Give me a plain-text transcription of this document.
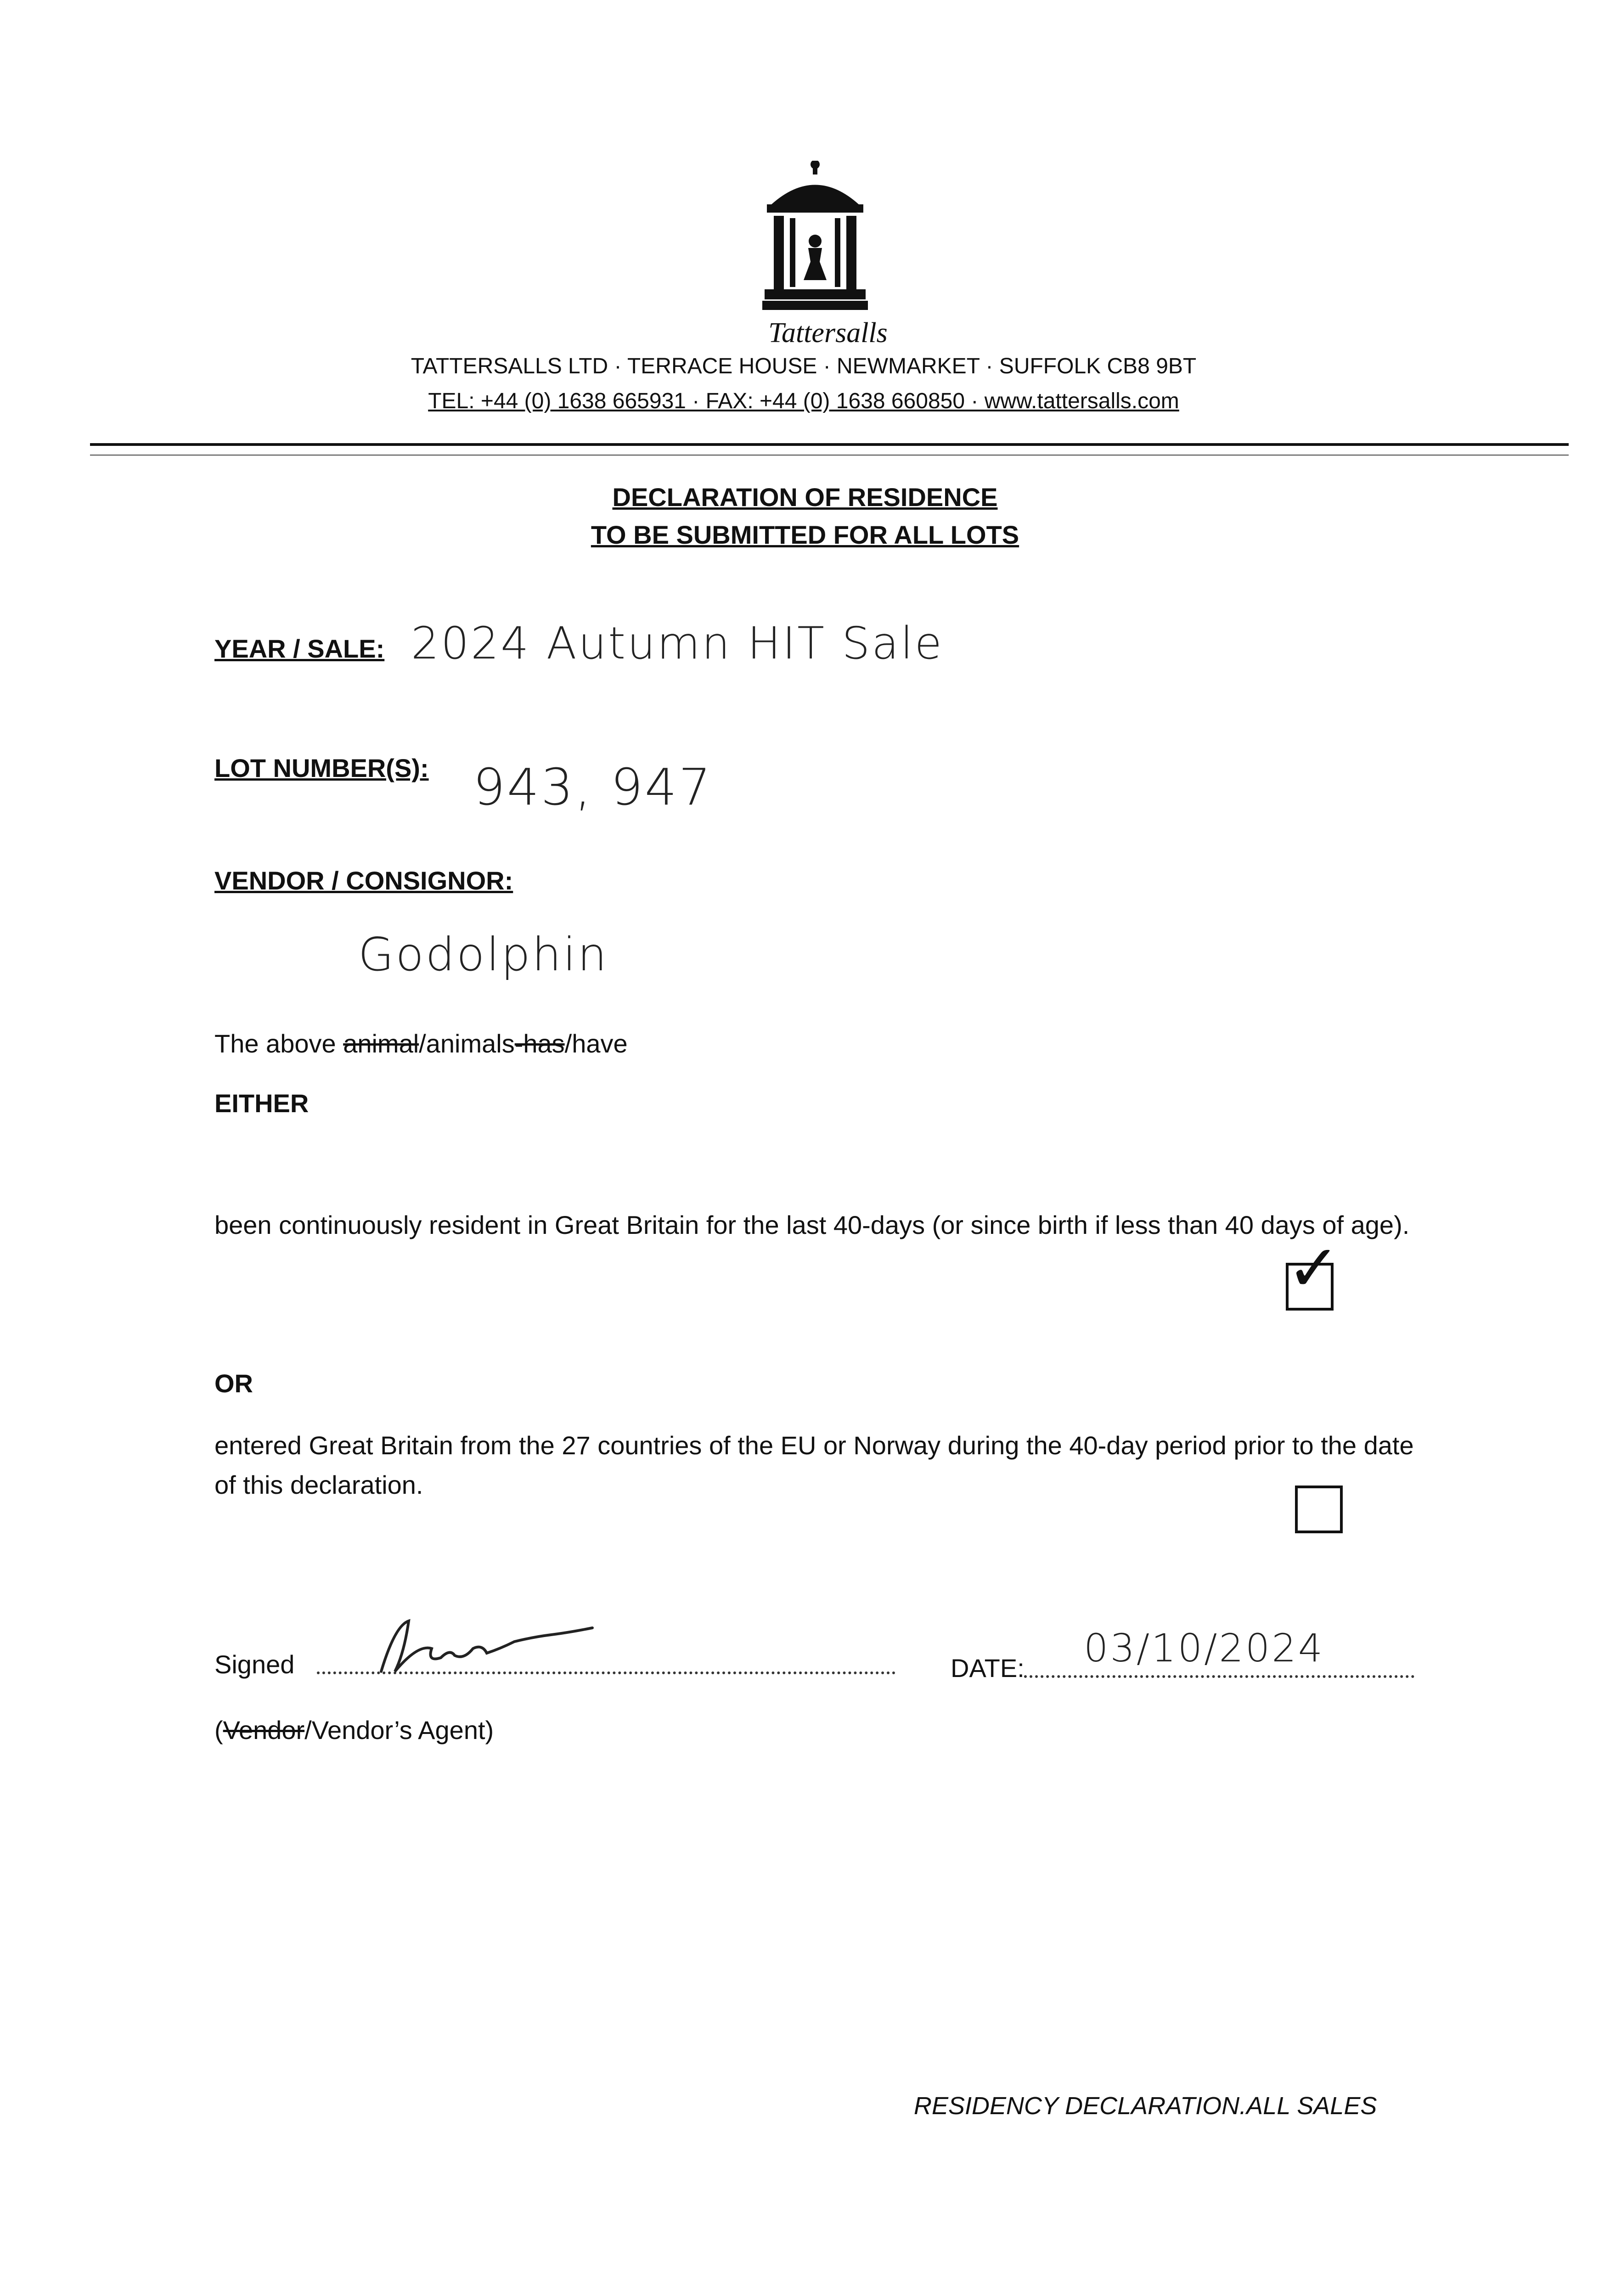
Tattersalls
TATTERSALLS LTD · TERRACE HOUSE · NEWMARKET · SUFFOLK CB8 9BT
TEL: +44 (0) 1638 665931 · FAX: +44 (0) 1638 660850 · www.tattersalls.com
DECLARATION OF RESIDENCE
TO BE SUBMITTED FOR ALL LOTS
YEAR / SALE: 2024 Autumn HIT Sale
LOT NUMBER(S): 943, 947
VENDOR / CONSIGNOR:
Godolphin
The above animal/animals-has/have
EITHER
been continuously resident in Great Britain for the last 40-days (or since birth if less than 40 days of age).
✓
OR
entered Great Britain from the 27 countries of the EU or Norway during the 40-day period prior to the date of this declaration.
Signed	DATE: 03/10/2024
(Vendor/Vendor’s Agent)
RESIDENCY DECLARATION.ALL SALES
